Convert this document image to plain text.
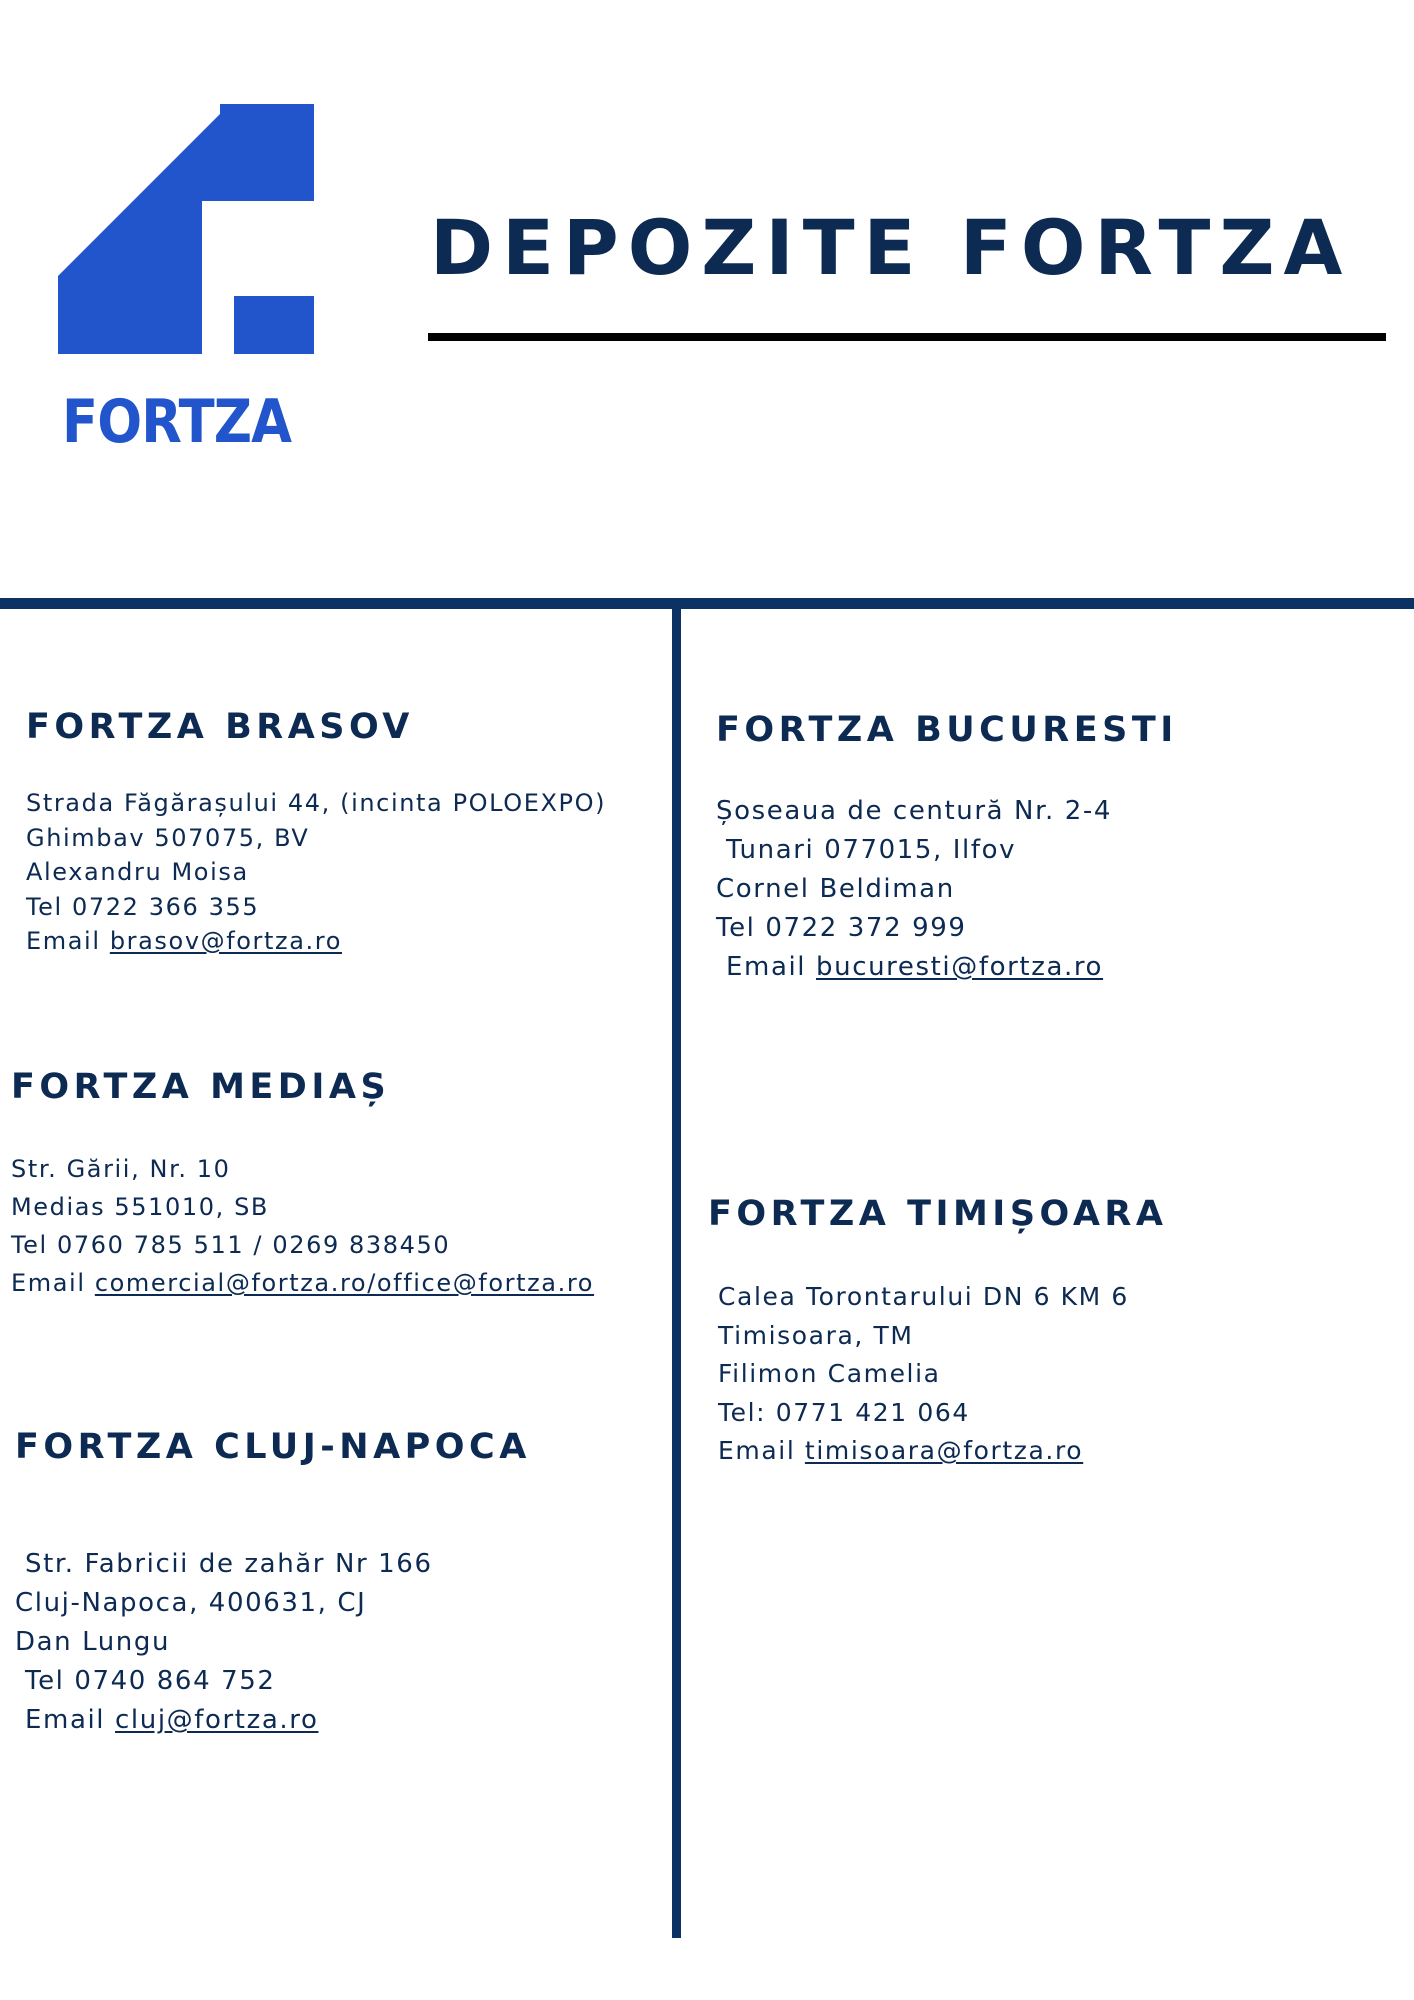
FORTZA
DEPOZITE FORTZA
FORTZA BRASOV
Strada Făgărașului 44, (incinta POLOEXPO)
Ghimbav 507075, BV
Alexandru Moisa
Tel 0722 366 355
Email brasov@fortza.ro
FORTZA BUCURESTI
Șoseaua de centură Nr. 2-4
Tunari 077015, Ilfov
Cornel Beldiman
Tel 0722 372 999
Email bucuresti@fortza.ro
FORTZA MEDIAȘ
Str. Gării, Nr. 10
Medias 551010, SB
Tel 0760 785 511 / 0269 838450
Email comercial@fortza.ro/office@fortza.ro
FORTZA TIMIȘOARA
Calea Torontarului DN 6 KM 6
Timisoara, TM
Filimon Camelia
Tel: 0771 421 064
Email timisoara@fortza.ro
FORTZA CLUJ-NAPOCA
Str. Fabricii de zahăr Nr 166
Cluj-Napoca, 400631, CJ
Dan Lungu
Tel 0740 864 752
Email cluj@fortza.ro
